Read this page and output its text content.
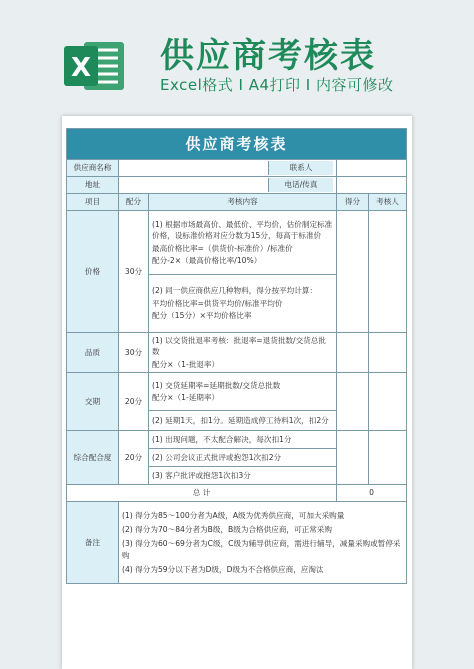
X 供应商考核表
Excel格式 I A4打印 I 内容可修改
供应商考核表				
供应商名称	联系人			

地址	电话/传真			

项目	配分	考核内容	得分	考核人
价格	30分	(1) 根据市场最高价、最低价、平均价，估价制定标准价格，设标准价格对应分数为15分，每高于标准价
最高价格比率=（供货价-标准价）/标准价
配分-2×（最高价格比率/10%）		

		(2) 同一供应商供应几种物料，得分按平均计算：
平均价格比率=供货平均价/标准平均价
配分（15分）×平均价格比率		

品质	30分	(1) 以交货批退率考核：批退率=退货批数/交货总批数
配分×（1-批退率）		

交期	20分	(1) 交货延期率=延期批数/交货总批数
配分×（1-延期率）		

		(2) 延期1天，扣1分。延期造成停工待料1次，扣2分		
综合配合度	20分	(1) 出现问题，不太配合解决，每次扣1分		
		(2) 公司会议正式批评或抱怨1次扣2分		
		(3) 客户批评或抱怨1次扣3分		
总 计			0	
备注	(1) 得分为85～100分者为A级，A级为优秀供应商，可加大采购量
(2) 得分为70～84分者为B级，B级为合格供应商，可正常采购
(3) 得分为60～69分者为C级，C级为辅导供应商，需进行辅导，减量采购或暂停采购
(4) 得分为59分以下者为D级，D级为不合格供应商，应淘汰			
